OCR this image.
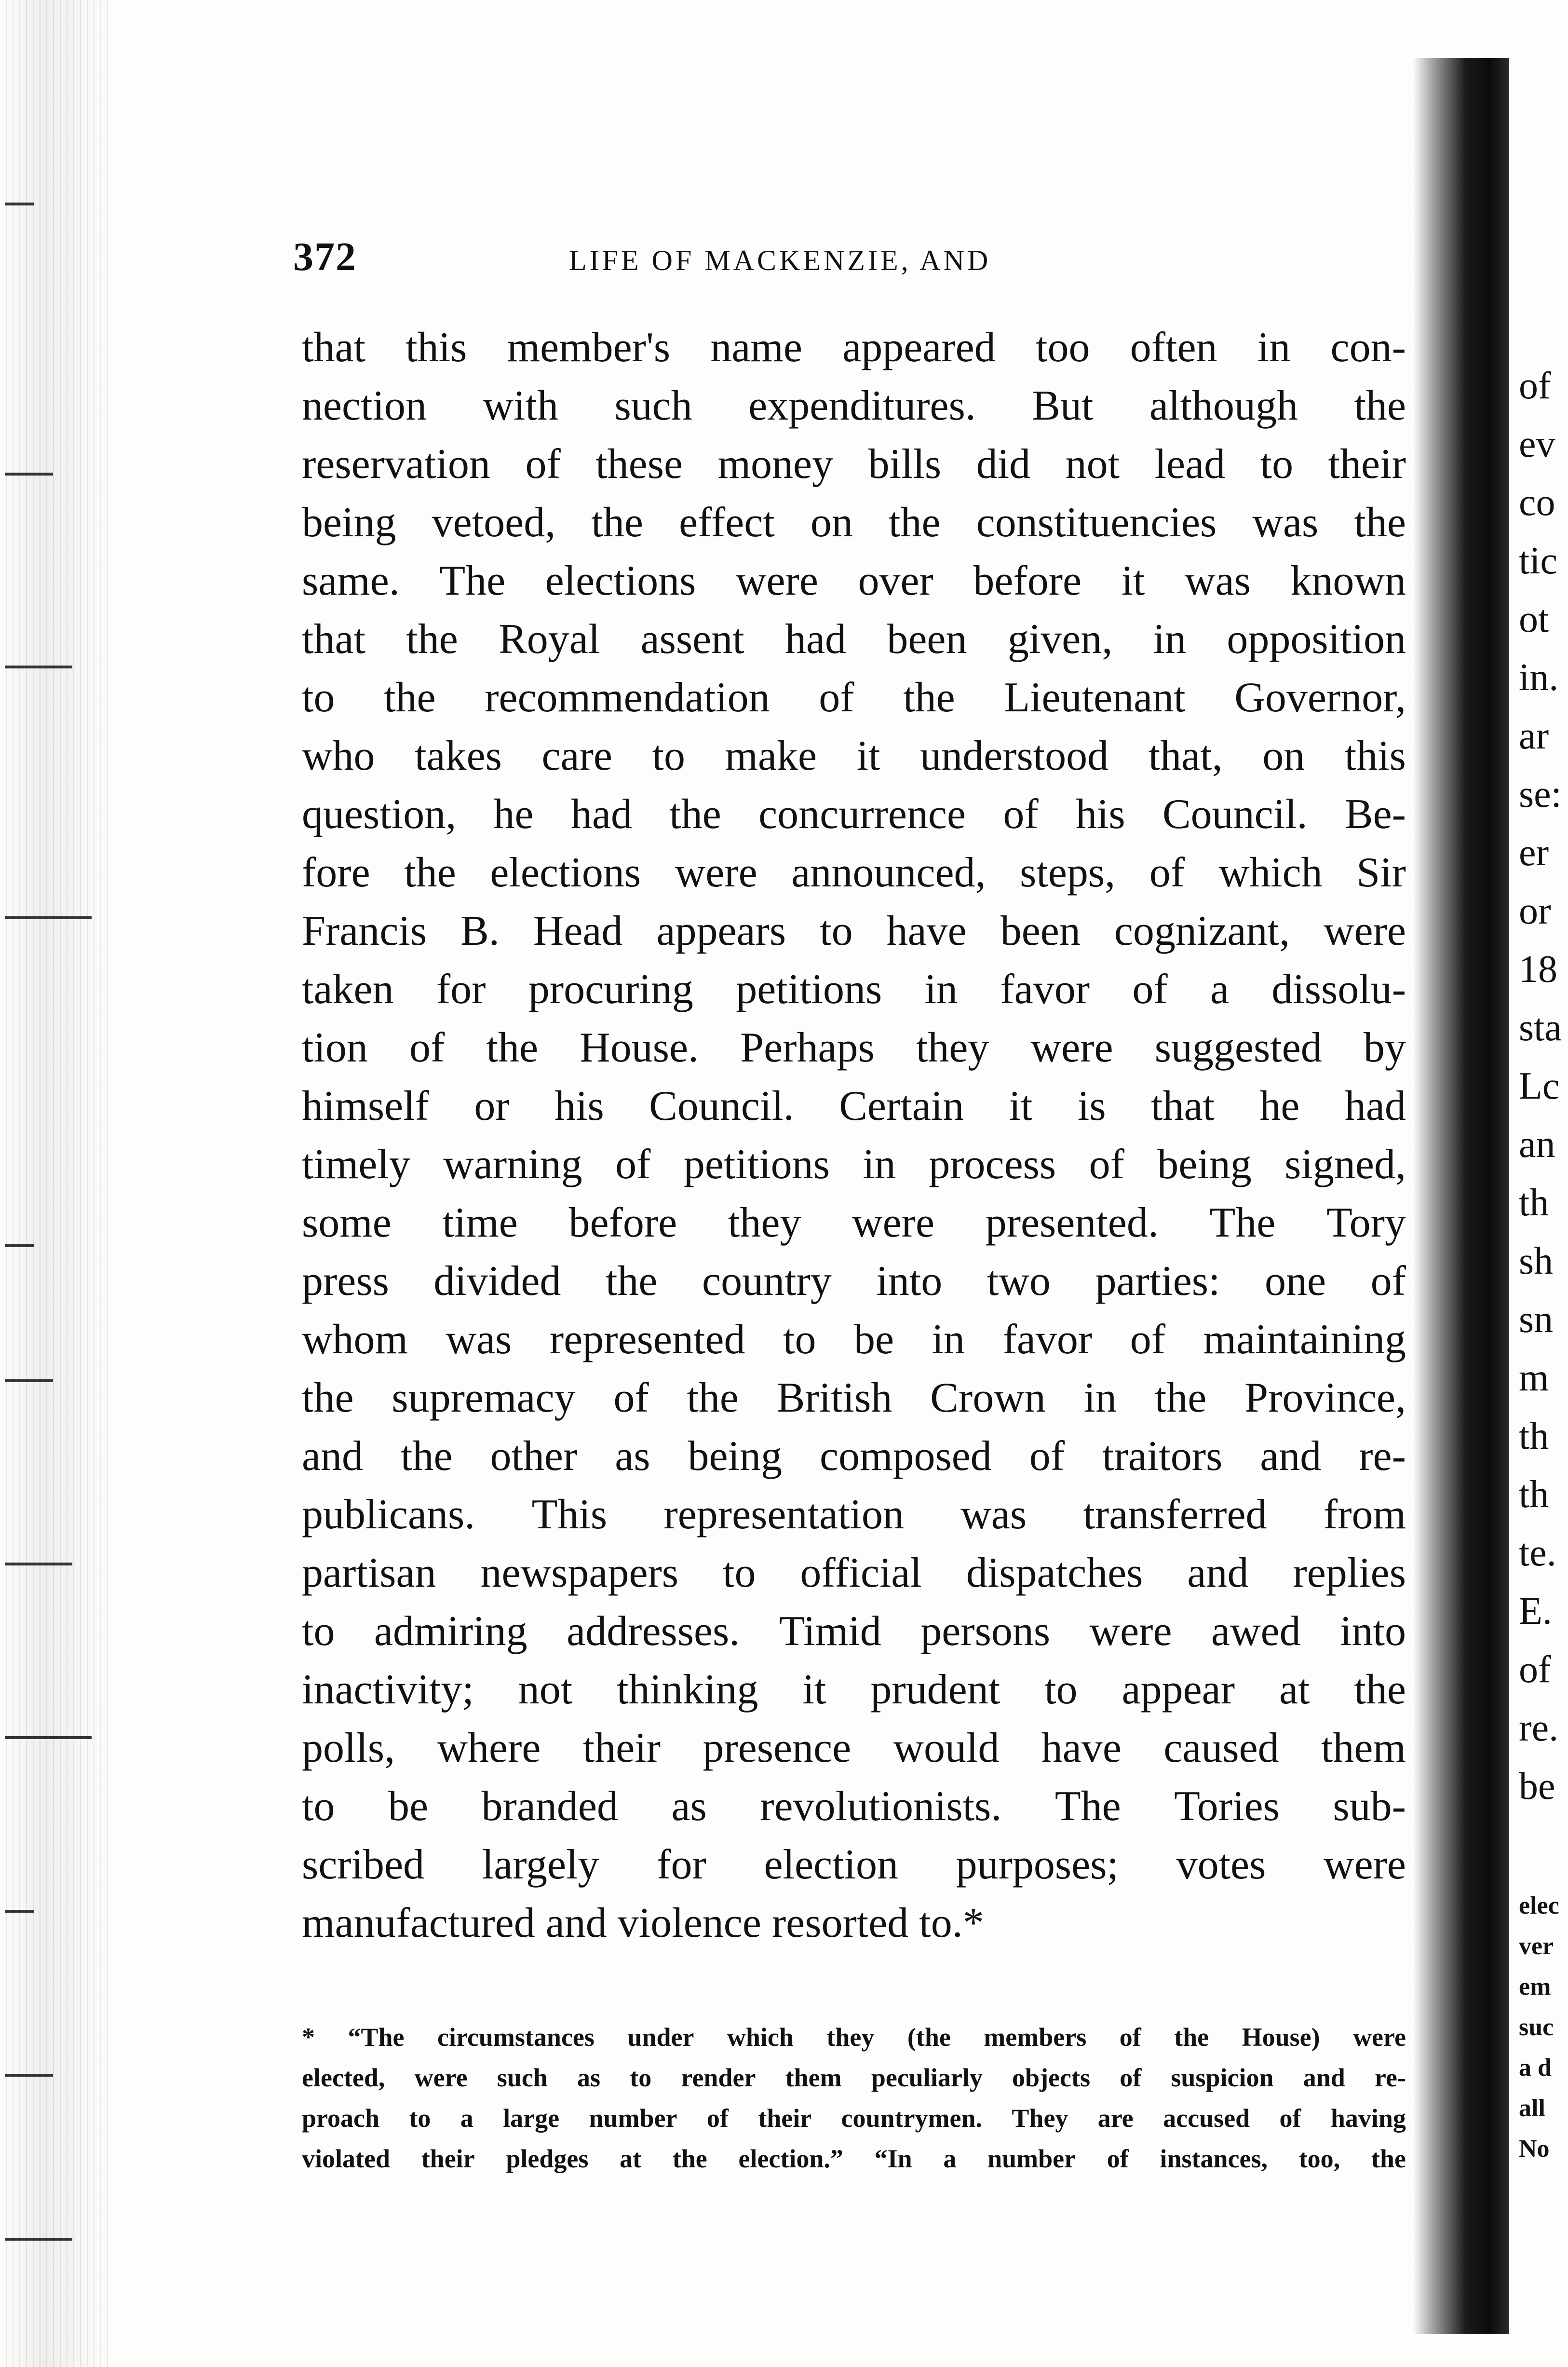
372	LIFE OF MACKENZIE, AND
that this member's name appeared too often in con-
nection with such expenditures. But although the
reservation of these money bills did not lead to their
being vetoed, the effect on the constituencies was the
same. The elections were over before it was known
that the Royal assent had been given, in opposition
to the recommendation of the Lieutenant Governor,
who takes care to make it understood that, on this
question, he had the concurrence of his Council. Be-
fore the elections were announced, steps, of which Sir
Francis B. Head appears to have been cognizant, were
taken for procuring petitions in favor of a dissolu-
tion of the House. Perhaps they were suggested by
himself or his Council. Certain it is that he had
timely warning of petitions in process of being signed,
some time before they were presented. The Tory
press divided the country into two parties: one of
whom was represented to be in favor of maintaining
the supremacy of the British Crown in the Province,
and the other as being composed of traitors and re-
publicans. This representation was transferred from
partisan newspapers to official dispatches and replies
to admiring addresses. Timid persons were awed into
inactivity; not thinking it prudent to appear at the
polls, where their presence would have caused them
to be branded as revolutionists. The Tories sub-
scribed largely for election purposes; votes were
manufactured and violence resorted to.*
* “The circumstances under which they (the members of the House) were
elected, were such as to render them peculiarly objects of suspicion and re-
proach to a large number of their countrymen. They are accused of having
violated their pledges at the election.” “In a number of instances, too, the
of
ev
co
tic
ot
in.
ar
se:
er
or
18
sta
Lc
an
th
sh
sn
m
th
th
te.
E.
of
re.
be
elec
ver
em
suc
a d
all
No
